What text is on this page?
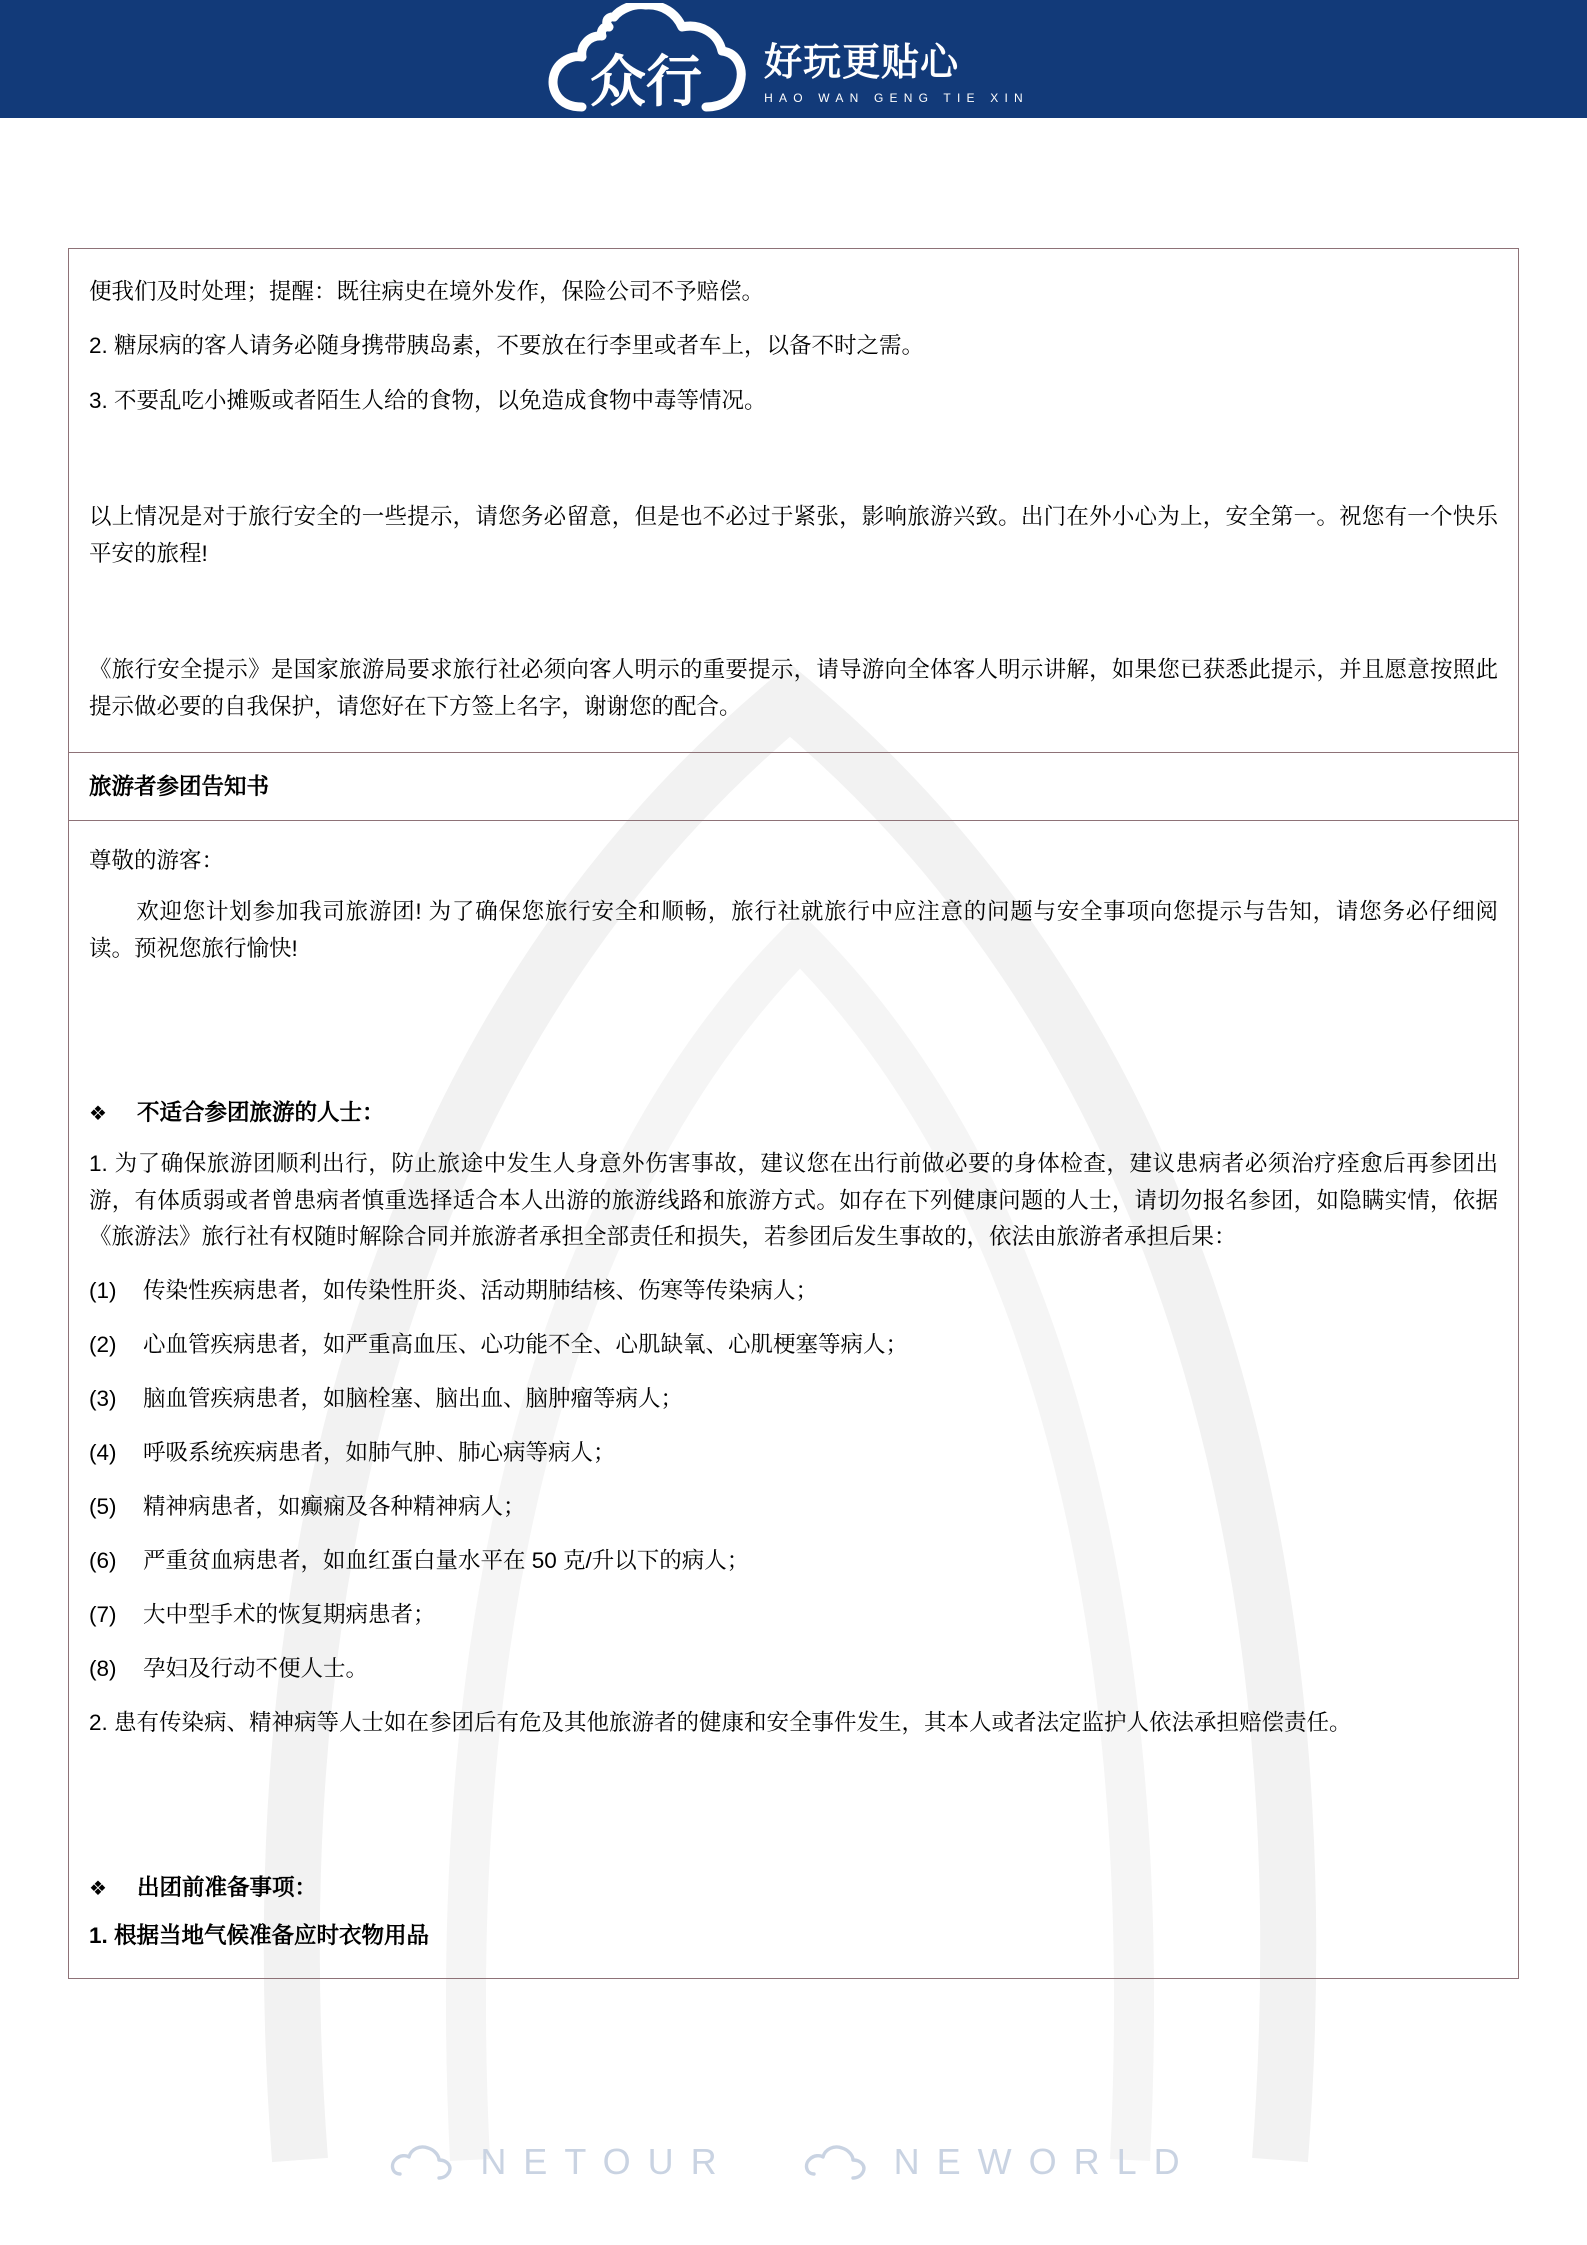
众行 好玩更贴心
HAO WAN GENG TIE XIN

便我们及时处理；提醒：既往病史在境外发作，保险公司不予赔偿。

2. 糖尿病的客人请务必随身携带胰岛素，不要放在行李里或者车上，以备不时之需。

3. 不要乱吃小摊贩或者陌生人给的食物，以免造成食物中毒等情况。

以上情况是对于旅行安全的一些提示，请您务必留意，但是也不必过于紧张，影响旅游兴致。出门在外小心为上，安全第一。祝您有一个快乐平安的旅程!

《旅行安全提示》是国家旅游局要求旅行社必须向客人明示的重要提示，请导游向全体客人明示讲解，如果您已获悉此提示，并且愿意按照此提示做必要的自我保护，请您好在下方签上名字，谢谢您的配合。

旅游者参团告知书

尊敬的游客：

欢迎您计划参加我司旅游团! 为了确保您旅行安全和顺畅，旅行社就旅行中应注意的问题与安全事项向您提示与告知，请您务必仔细阅读。预祝您旅行愉快!

❖	不适合参团旅游的人士：

1. 为了确保旅游团顺利出行，防止旅途中发生人身意外伤害事故，建议您在出行前做必要的身体检查，建议患病者必须治疗痊愈后再参团出游，有体质弱或者曾患病者慎重选择适合本人出游的旅游线路和旅游方式。如存在下列健康问题的人士，请切勿报名参团，如隐瞒实情，依据《旅游法》旅行社有权随时解除合同并旅游者承担全部责任和损失，若参团后发生事故的，依法由旅游者承担后果：

(1)	传染性疾病患者，如传染性肝炎、活动期肺结核、伤寒等传染病人；
(2)	心血管疾病患者，如严重高血压、心功能不全、心肌缺氧、心肌梗塞等病人；
(3)	脑血管疾病患者，如脑栓塞、脑出血、脑肿瘤等病人；
(4)	呼吸系统疾病患者，如肺气肿、肺心病等病人；
(5)	精神病患者，如癫痫及各种精神病人；
(6)	严重贫血病患者，如血红蛋白量水平在 50 克/升以下的病人；
(7)	大中型手术的恢复期病患者；
(8)	孕妇及行动不便人士。

2. 患有传染病、精神病等人士如在参团后有危及其他旅游者的健康和安全事件发生，其本人或者法定监护人依法承担赔偿责任。

❖	出团前准备事项：

1. 根据当地气候准备应时衣物用品

NETOUR	NEWORLD
